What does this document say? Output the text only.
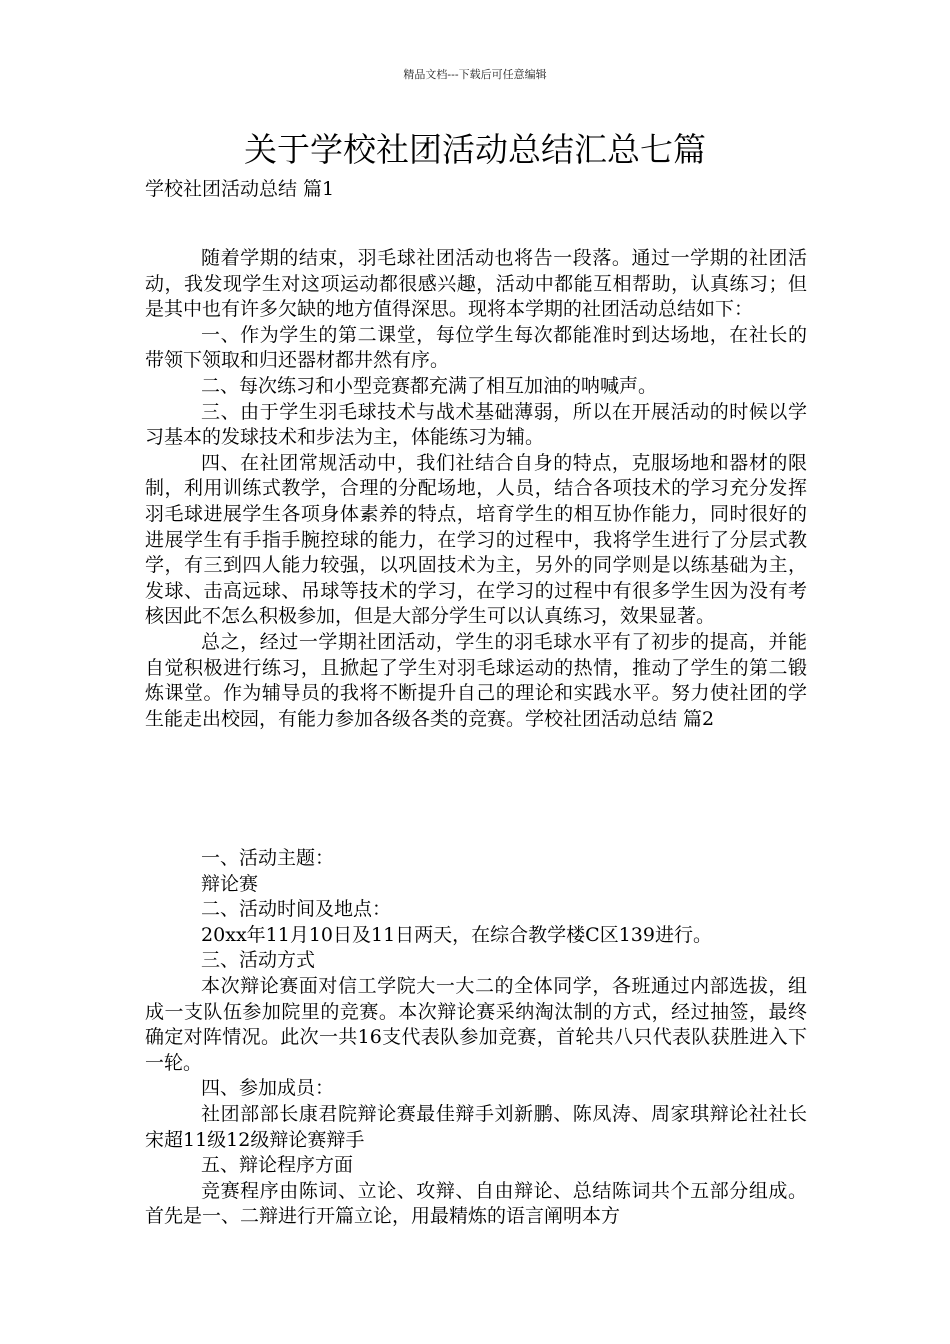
精品文档---下载后可任意编辑
关于学校社团活动总结汇总七篇
学校社团活动总结 篇1

随着学期的结束，羽毛球社团活动也将告一段落。通过一学期的社团活动，我发现学生对这项运动都很感兴趣，活动中都能互相帮助，认真练习；但是其中也有许多欠缺的地方值得深思。现将本学期的社团活动总结如下：

一、作为学生的第二课堂，每位学生每次都能准时到达场地，在社长的带领下领取和归还器材都井然有序。

二、每次练习和小型竞赛都充满了相互加油的呐喊声。

三、由于学生羽毛球技术与战术基础薄弱，所以在开展活动的时候以学习基本的发球技术和步法为主，体能练习为辅。

四、在社团常规活动中，我们社结合自身的特点，克服场地和器材的限制，利用训练式教学，合理的分配场地，人员，结合各项技术的学习充分发挥羽毛球进展学生各项身体素养的特点，培育学生的相互协作能力，同时很好的进展学生有手指手腕控球的能力，在学习的过程中，我将学生进行了分层式教学，有三到四人能力较强，以巩固技术为主，另外的同学则是以练基础为主，发球、击高远球、吊球等技术的学习，在学习的过程中有很多学生因为没有考核因此不怎么积极参加，但是大部分学生可以认真练习，效果显著。

总之，经过一学期社团活动，学生的羽毛球水平有了初步的提高，并能自觉积极进行练习，且掀起了学生对羽毛球运动的热情，推动了学生的第二锻炼课堂。作为辅导员的我将不断提升自己的理论和实践水平。努力使社团的学生能走出校园，有能力参加各级各类的竞赛。学校社团活动总结 篇2

一、活动主题：

辩论赛

二、活动时间及地点：

20xx年11月10日及11日两天，在综合教学楼C区139进行。

三、活动方式

本次辩论赛面对信工学院大一大二的全体同学，各班通过内部选拔，组成一支队伍参加院里的竞赛。本次辩论赛采纳淘汰制的方式，经过抽签，最终确定对阵情况。此次一共16支代表队参加竞赛，首轮共八只代表队获胜进入下一轮。

四、参加成员：

社团部部长康君院辩论赛最佳辩手刘新鹏、陈凤涛、周家琪辩论社社长宋超11级12级辩论赛辩手

五、辩论程序方面

竞赛程序由陈词、立论、攻辩、自由辩论、总结陈词共个五部分组成。首先是一、二辩进行开篇立论，用最精炼的语言阐明本方
